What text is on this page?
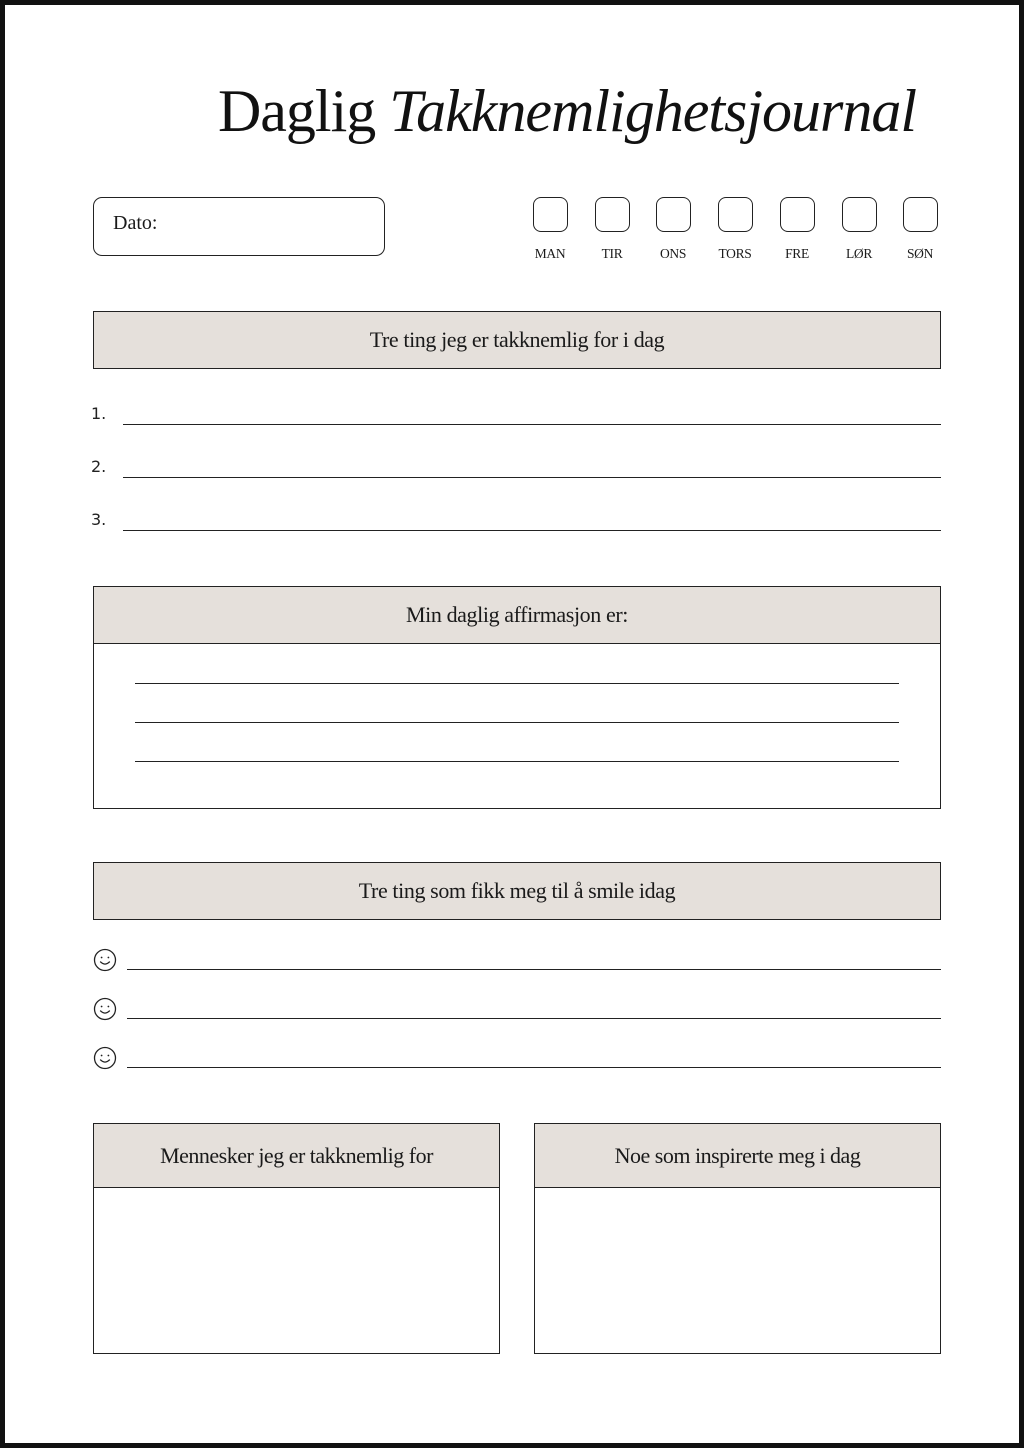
Daglig Takknemlighetsjournal
Dato:
MAN	TIR	ONS	TORS	FRE	LØR	SØN
Tre ting jeg er takknemlig for i dag
1.
2.
3.
Min daglig affirmasjon er:
Tre ting som fikk meg til å smile idag
Mennesker jeg er takknemlig for	Noe som inspirerte meg i dag
